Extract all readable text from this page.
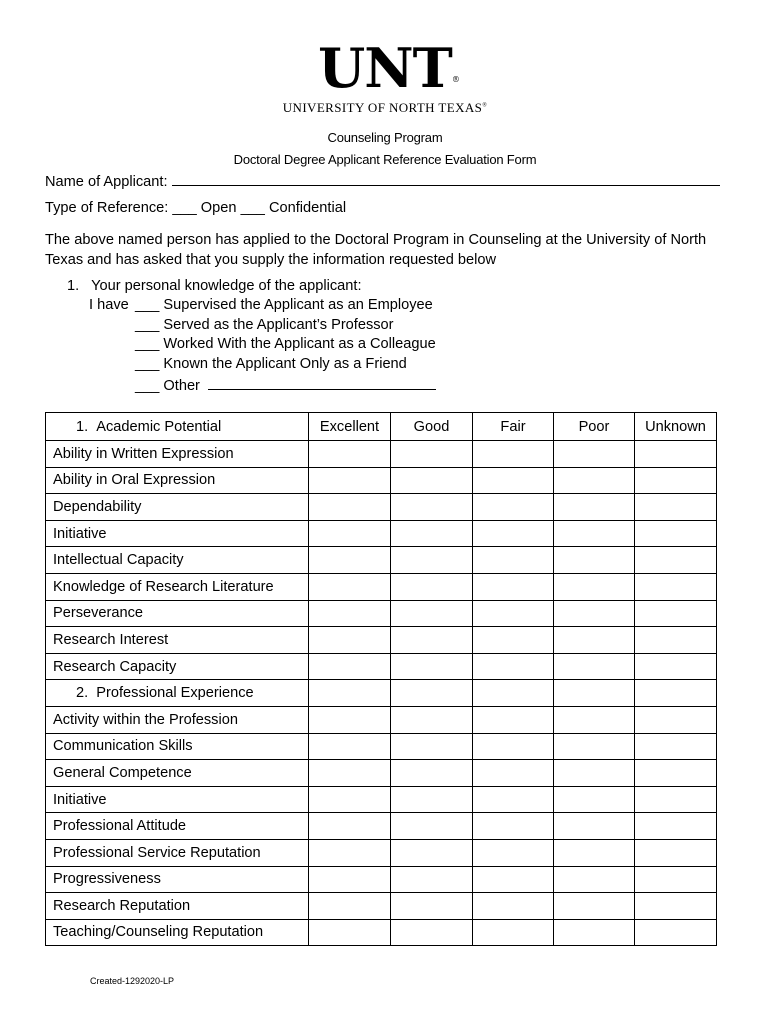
UNT ®
UNIVERSITY OF NORTH TEXAS®
Counseling Program
Doctoral Degree Applicant Reference Evaluation Form
Name of Applicant:
Type of Reference: ___ Open ___ Confidential
The above named person has applied to the Doctoral Program in Counseling at the University of North Texas and has asked that you supply the information requested below
1. Your personal knowledge of the applicant:
I have ___ Supervised the Applicant as an Employee
___ Served as the Applicant’s Professor
___ Worked With the Applicant as a Colleague
___ Known the Applicant Only as a Friend
___ Other
1. Academic Potential	Excellent	Good	Fair	Poor	Unknown
Ability in Written Expression					
Ability in Oral Expression					
Dependability					
Initiative					
Intellectual Capacity					
Knowledge of Research Literature					
Perseverance					
Research Interest					
Research Capacity					
2. Professional Experience					
Activity within the Profession					
Communication Skills					
General Competence					
Initiative					
Professional Attitude					
Professional Service Reputation					
Progressiveness					
Research Reputation					
Teaching/Counseling Reputation					
Created-1292020-LP
